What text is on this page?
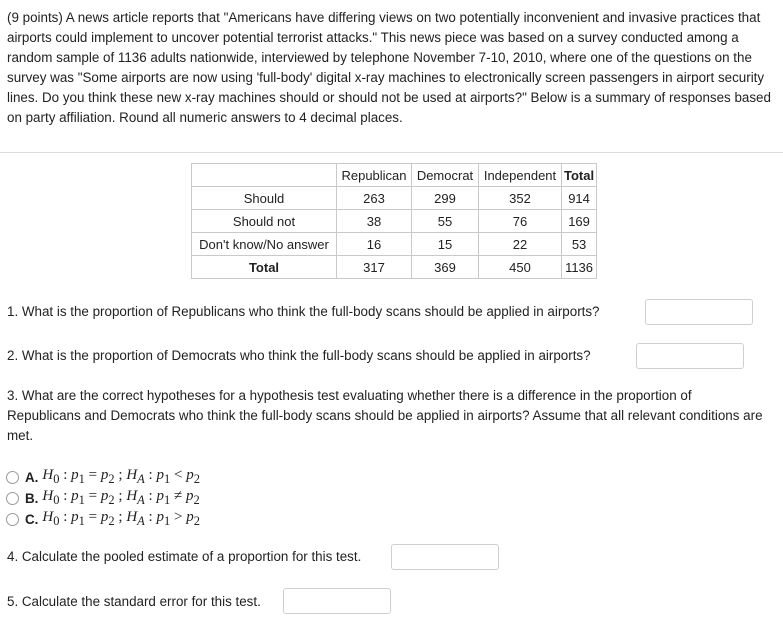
(9 points) A news article reports that "Americans have differing views on two potentially inconvenient and invasive practices that airports could implement to uncover potential terrorist attacks." This news piece was based on a survey conducted among a random sample of 1136 adults nationwide, interviewed by telephone November 7-10, 2010, where one of the questions on the survey was "Some airports are now using 'full-body' digital x-ray machines to electronically screen passengers in airport security lines. Do you think these new x-ray machines should or should not be used at airports?" Below is a summary of responses based on party affiliation. Round all numeric answers to 4 decimal places.

	Republican	Democrat	Independent	Total
Should	263	299	352	914
Should not	38	55	76	169
Don't know/No answer	16	15	22	53
Total	317	369	450	1136

1. What is the proportion of Republicans who think the full-body scans should be applied in airports?

2. What is the proportion of Democrats who think the full-body scans should be applied in airports?

3. What are the correct hypotheses for a hypothesis test evaluating whether there is a difference in the proportion of Republicans and Democrats who think the full-body scans should be applied in airports? Assume that all relevant conditions are met.

A. $H_0$ : $p_1 = p_2$ ; $H_A$ : $p_1 < p_2$
B. $H_0$ : $p_1 = p_2$ ; $H_A$ : $p_1 \ne p_2$
C. $H_0$ : $p_1 = p_2$ ; $H_A$ : $p_1 > p_2$

4. Calculate the pooled estimate of a proportion for this test.

5. Calculate the standard error for this test.
